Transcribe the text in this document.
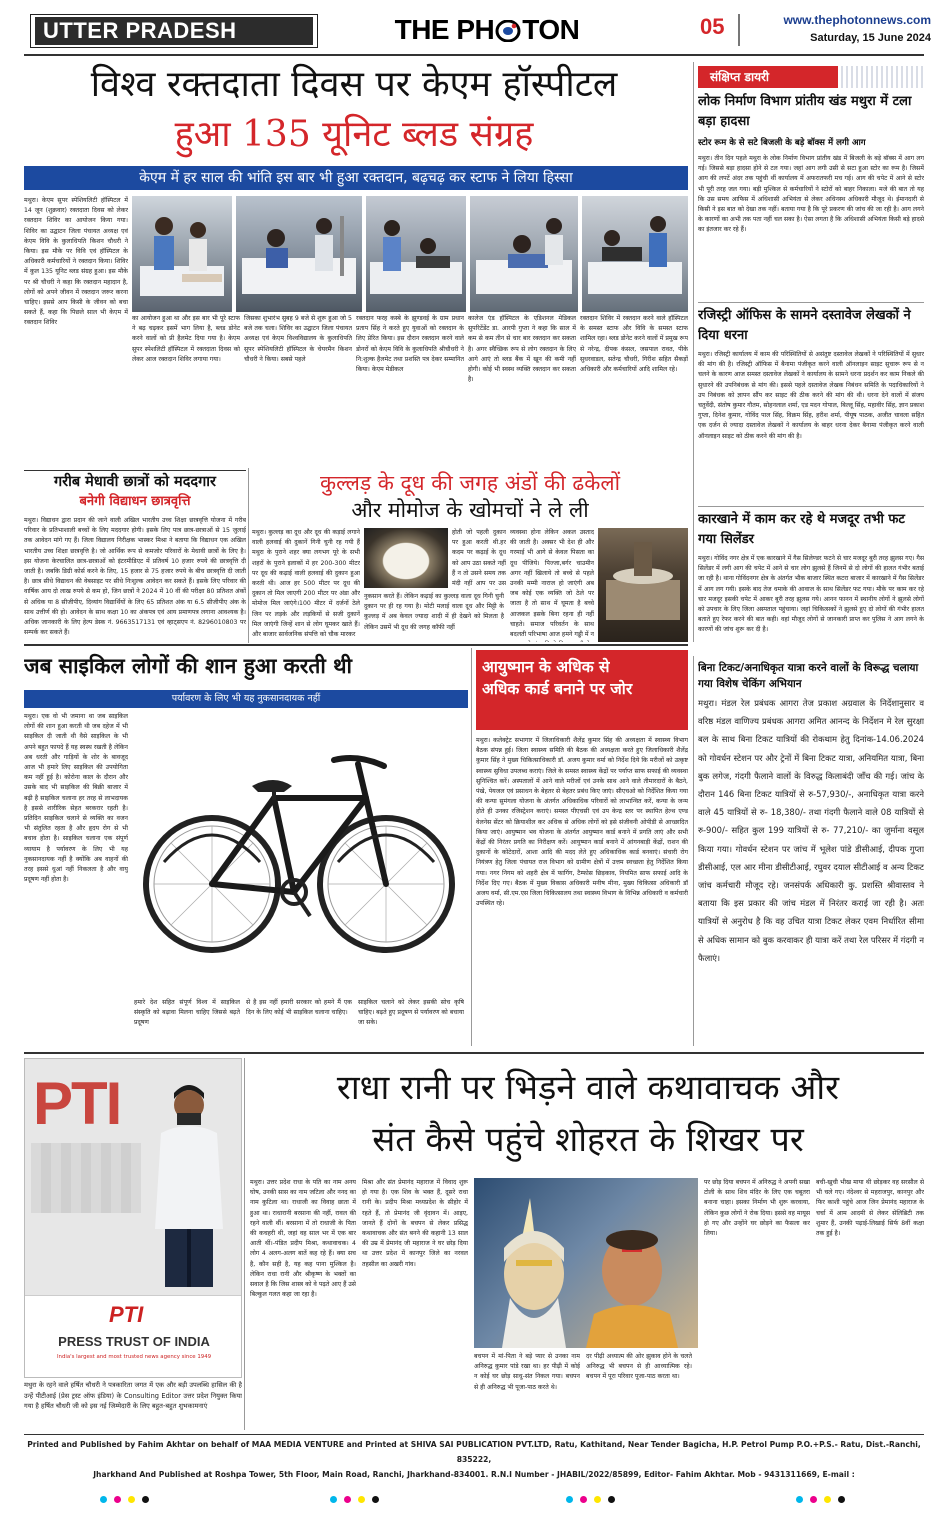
UTTER PRADESH	THE PH TON	05	www.thephotonnews.com
Saturday, 15 June 2024
विश्व रक्तदाता दिवस पर केएम हॉस्पीटल
हुआ 135 यूनिट ब्लड संग्रह
केएम में हर साल की भांति इस बार भी हुआ रक्तदान, बढ़चढ़ कर स्टाफ ने लिया हिस्सा
मथुरा। केएम सुपर स्पेशियलिटी हॉस्पिटल में 14 जून (शुक्रवार) रक्तदाता दिवस को लेकर रक्तदान शिविर का आयोजन किया गया। शिविर का उद्घाटन जिला पंचायत अध्यक्ष एवं केएम विवि के कुलाधिपति किशन चौधरी ने किया। इस मौके पर विवि एवं हॉस्पिटल के अधिकारी कर्मचारियों ने रक्तदान किया। शिविर में कुल 135 यूनिट ब्लड संग्रह हुआ। इस मौके पर श्री चौधरी ने कहा कि रक्तदान महादान है, लोगों को अपने जीवन में रक्तदान जरूर करना चाहिए। इससे आप किसी के जीवन को बचा सकते हैं, कहा कि पिछले साल भी केएम में रक्तदान शिविर
का आयोजन हुआ था और इस बार भी पूरे स्टाफ ने बढ़ चढ़कर इसमें भाग लिया है, ब्लड डोनेट करने वालों को प्री हैलमेट दिया गया है। केएम सुपर स्पेशलिटी हॉस्पिटल में रक्तदाता दिवस को लेकर आज रक्तदान शिविर लगाया गया।
जिसका शुभारंभ सुबह 9 बजे से शुरू हुआ जो 5 बजे तक चला। शिविर का उद्घाटन जिला पंचायत अध्यक्ष एवं केएम विश्वविद्यालय के कुलाधिपति सुपर स्पेशियलिटी हॉस्पिटल के चेयरमैन किशन चौधरी ने किया। सबसे पहले
रक्तदान फरह कस्बे के झुण्डवई के ग्राम प्रधान प्रताप सिंह ने करते हुए युवाओं को रक्तदान के लिए प्रेरित किया। इस दौरान रक्तदान करने वाले डोनरों को केएम विवि के कुलाधिपति श्रीचौधरी ने नि:शुल्क हैलमेट तथा प्रशस्ति पत्र देकर सम्मानित किया। केएम मेडीकल
कालेज एंड हॉस्पिटल के एडिशनल मेडिकल सुपरिटेंडेंट डा. आरपी गुप्ता ने कहा कि साल में कम से कम तीन से चार बार रक्तदान कर सकता है। अगर स्वैच्छिक रूप से लोग रक्तदान के लिए आगे आएं तो ब्लड बैंक में खून की कमी नहीं होगी। कोई भी स्वस्थ व्यक्ति रक्तदान कर सकता है।
रक्तदान शिविर में रक्तदान करने वाले हॉस्पिटल के समस्त स्टाफ और विवि के समस्त स्टाफ शामिल रहा। ब्लड डोनेट करने वालों में प्रमुख रूप से नरेन्द्र, दीपक कंसल, जसपाल रावत, पीके सुधरवाडल, सतेन्द्र चौधरी, गिरीश सहित सैकड़ों अधिकारी और कर्मचारियों आदि शामिल रहे।
संक्षिप्त डायरी
लोक निर्माण विभाग प्रांतीय खंड मथुरा में टला बड़ा हादसा
स्टोर रूम के से सटे बिजली के बड़े बॉक्स में लगी आग
मथुरा। तीन दिन पहले मथुरा के लोक निर्माण विभाग प्रांतीय खंड में बिजली के बड़े बॉक्स में आग लग गई। जिससे बड़ा हादसा होने से टल गया। जहां आग लगी उसी से सटा हुआ स्टोर का रूम है। जिसमें आग की लपटें अंदर तक पहुंची थीं कार्यालय में अफरातफरी मच गई। आग की चपेट में आने से स्टोर भी पूरी तरह जल गया। बड़ी मुश्किल से कर्मचारियों ने स्टोरों को बाहर निकाला। मजे की बात तो यह कि उस समय आफिस में अधिशासी अभियंता से लेकर अधिनस्थ अधिकारी मौजूद थे। ईमानदारी से किसी ने इस बात को देखा तक नहीं। बताया गया है कि पूरे प्रकरण की जांच की जा रही है। आग लगने के कारणों का अभी तक पता नहीं चल सका है। ऐसा लगता है कि अधिशासी अभियंता किसी बड़े हादसे का इंतजार कर रहे हैं।
रजिस्ट्री ऑफिस के सामने दस्तावेज लेखकों ने दिया धरना
मथुरा। रजिस्ट्री कार्यालय में काम की परिस्थितियों से असंतुष्ट दस्तावेज लेखकों ने परिस्थितियों में सुधार की मांग की है। रजिस्ट्री ऑफिस में बैनामा पंजीकृत करने वाली ऑनलाइन साइट सुचारू रूप से न चलने के कारण आज समस्त दस्तावेज लेखकों ने कार्यालय के सामने धरना प्रदर्शन कर काम निकले की सुधारने की उपनिबंधक से मांग की। इससे पहले दस्तावेज लेखक निबंधन समिति के पदाधिकारियों ने उप निबंधक को ज्ञापन सौंप कर साइट की ठीक करने की मांग की थी। धरना देने वालों में संजय चतुर्वेदी, संतोष कुमार गौतम, सोहनलाल शर्मा, एड मदन गोपाल, बिल्लू सिंह, महावीर सिंह, ज्ञान प्रकाश गुप्ता, दिनेश कुमार, गोविंद पाल सिंह, विक्रम सिंह, हरीश शर्मा, पीयूष पाठक, अजीत चावला सहित एक दर्जन से ज्यादा दस्तावेज लेखकों ने कार्यालय के बाहर धरना देकर बैनामा पंजीकृत करने वाली ऑनलाइन साइट को ठीक करने की मांग की है।
कारखाने में काम कर रहे थे मजदूर तभी फट गया सिलेंडर
मथुरा। गोविंद नगर क्षेत्र में एक कारखाने में गैस सिलेण्डर फटने से चार मजदूर बुरी तरह झुलस गए। गैस सिलेंडर में लगी आग की चपेट में आने से चार लोग झुलसे हैं जिनमें से दो लोगों की हालत गंभीर बताई जा रही है। थाना गोविंदनगर क्षेत्र के अंतर्गत भौक बाजार स्थित कटरा बाजार में कारखाने में गैस सिलेंडर में आग लग गयी। इसके बाद तेज धमाके की आवाज के साथ सिलेंडर फट गया। मौके पर काम कर रहे चार मजदूर इसकी चपेट में आकर बुरी तरह झुलस गये। आनन फानन में स्थानीय लोगों ने झुलसे लोगों को उपचार के लिए जिला अस्पताल पहुंचाया। जहां चिकित्सकों ने झुलसे हुए दो लोगों की गंभीर हालत बताते हुए रेफर करने की बात कही। वहां मौजूद लोगों से जानकारी प्राप्त कर पुलिस ने आग लगने के कारणों की जांच शुरू कर दी है।
गरीब मेधावी छात्रों को मददगार
बनेगी विद्याधन छात्रवृत्ति
मथुरा। विद्याधन द्वारा प्रदान की जाने वाली अखिल भारतीय उच्च शिक्षा छात्रवृत्ति योजना में गरीब परिवार के प्रतिभाशाली बच्चों के लिए मददगार होगी। इसके लिए पात्र छात्र-छात्राओं से 15 जुलाई तक आवेदन मांगे गए हैं। जिला विद्यालय निरीक्षक भास्कर मिश्रा ने बताया कि विद्याधन एक अखिल भारतीय उच्च शिक्षा छात्रवृत्ति है। जो आर्थिक रूप से कमजोर परिवारों के मेधावी छात्रों के लिए है। इस योजना केरचालित छात्र-छात्राओं को इंटरमीडिएट में प्रतिवर्ष 10 हजार रुपये की छात्रवृत्ति दी जाती है। जबकि डिग्री कोर्स करने के लिए, 15 हजार से 75 हजार रुपये के बीच छात्रवृत्ति दी जाती है। छात्र सीधे विद्याधन की वेबसाइट पर सीधे निःशुल्क आवेदन कर सकते हैं। इसके लिए परिवार की वार्षिक आय दो लाख रुपये से कम हो, जिन छात्रों ने 2024 में 10 वीं की परीक्षा 80 प्रतिशत अंकों से अधिक या 8 सीजीपीए, दिव्यांग विद्यार्थियों के लिए 65 प्रतिशत अंक या 6.5 सीजीपीए अंक के साथ उत्तीर्ण की हो। आवेदन के साथ कक्षा 10 का अंकपत्र एवं आय प्रमाणपत्र लगाना आवश्यक है। अधिक जानकारी के लिए हेल्प डेस्क नं. 9663517131 एवं व्हाट्सएप नं. 8296010803 पर सम्पर्क कर सकते हैं।
कुल्लड़ के दूध की जगह अंडों की ढकेलों
और मोमोज के खोमचों ने ले ली
मथुरा। कुल्लड़ का दूध और दूध की कड़ाई लगाने वाली हलवाई की दुकानें गिनी चुनी रह गयी हैं मथुरा के पुराने शहर क्या लगभग पूरे के सभी शहरों के पुराने इलाकों में हर 200-300 मीटर पर दूध की कढ़ाई वाली हलवाई की दुकान हुआ करती थी। आज हर 500 मीटर पर दूध की दुकान तो मिल जाएगी 200 मीटर पर अंडा और मोमोज मिल जाएंगे।100 मीटर में दर्जनों ठेले जिन पर लड़के और लड़कियों से सजी दुकानें मिल जाएंगी जिन्हें शान से लोग घूमकर खाते हैं।और बाजार सार्वजनिक संपत्ति को चौक मारकर
होती जो पहली दुकान पर हुआ करती थी.हर कदम पर कढ़ाई के दूध को आप उठा सकते नहीं हैं न तो उसने समय तक मंदी नहीं आप पर उस
नुकसान करते हैं। लेकिन कढ़ाई का कुल्लड़ वाला दूध गिनी चुनी दुकान पर ही रह गया है। मोटी मलाई वाला दूध और मिट्टी के कुल्लड़ में अब केवल ज्यादा शादी में ही देखने को मिलता है लेकिन उसमें भी दूध की जगह कॉफी नहीं
व्यवस्था होना लेकिन अकल उस्ताद की जाती है। अक्सर भी देश ही और गरमाई भी आगे से केवल पिसता का दूध पीजिये। पिज्जा,बर्गर चाउमीन अगर नहीं खिलाये तो बच्चे से पहले उनकी मम्मी नाराज हो जाएंगी अब जब कोई एक व्यक्ति जो ठेले पर जाता है तो साथ में घूमता है बच्चे आजकल इसके बिना रहना ही नहीं चाहते। समाज परिवर्तन के साथ बदलती परिभाषा आज हमने गड्डी में न
जब साइकिल लोगों की शान हुआ करती थी
पर्यावरण के लिए भी यह नुकसानदायक नहीं
मथुरा। एक वो भी जमाना था जब साइकिल लोगों की शान हुआ करती थी जब दहेज में भी साइकिल दी जाती थी वैसे साइकिल के भी अपने बहुत फायदे हैं यह स्वस्थ रखती है लेकिन अब धरती और गाड़ियों के शोर के बावजूद आज भी हमारे लिए साइकिल की उपयोगिता कम नहीं हुई है। कोरोना काल के दौरान और उसके बाद भी साइकिल की बिक्री बाजार में बढ़ी है साइकिल चलाना हर तरह से लाभदायक है इससे शारीरिक सेहत बरकरार रहती है। प्रतिदिन साइकिल चलाने से व्यक्ति का वजन भी संतुलित रहता है और हृदय रोग से भी बचाव होता है। साइकिल चलाना एक संपूर्ण व्यायाम है पर्यावरण के लिए भी यह नुकसानदायक नहीं है क्योंकि अब वाहनों की तरह इससे धुआं नहीं निकलता है और वायु प्रदूषण नहीं होता है।
हमारे देश सहित संपूर्ण विश्व में साइकिल संस्कृति को बढ़ावा मिलना चाहिए जिससे बढ़ते प्रदूषण
से है इस नहीं हमारी सरकार को हमने मैं एक दिन के लिए कोई भी साइकिल चलाना चाहिए।
साइकिल चलाने को लेकर इसकी सोच कृषि चाहिए। बढ़ते हुए प्रदूषण से पर्यावरण को बचाया जा सके।
आयुष्मान के अधिक से
अधिक कार्ड बनाने पर जोर
मथुरा। कलेक्ट्रेट सभागार में जिलाधिकारी शैलेंद्र कुमार सिंह की अध्यक्षता में स्वास्थ्य विभाग बैठक संपन्न हुई। जिला स्वास्थ्य समिति की बैठक की अध्यक्षता करते हुए जिलाधिकारी शैलेंद्र कुमार सिंह ने मुख्य चिकित्साधिकारी डॉ. अजय कुमार वर्मा को निर्देश दिये कि मरीजों को उत्कृष्ट स्वास्थ्य सुविधा उपलब्ध कराएं। जिले के समस्त स्वास्थ्य केंद्रों पर पर्याप्त साफ सफाई की व्यवस्था सुनिश्चित करें। अस्पतालों में आने वाले मरीजों एवं उनके साथ आने वाले तीमारदारों के बैठने, पंखे, पेयजल एवं प्रसाधन के बेहतर से बेहतर प्रबंध किए जाएं। सीएचओ को निर्देशित किया गया की कन्या सुमंगला योजना के अंतर्गत अधिकाधिक परिवारों को लाभान्वित करें, कन्या के जन्म होते ही उनका रजिस्ट्रेशन कराएं। समस्त पीएचसी एवं उप केन्द्र स्तर पर स्थापित हेल्थ एण्ड वेलनेस सेंटर को क्रियाशील कर अधिक से अधिक लोगों को इसे संजीवनी ओपीडी से आच्छादित किया जाएं। आयुष्मान भव योजना के अंतर्गत आयुष्मान कार्ड बनाने में प्रगति लाएं और सभी केंद्रों की निरंतर प्रगति का निरीक्षण करें। आयुष्मान कार्ड बनाने में आंगनबाड़ी केंद्रों, राशन की दुकानों के कोटेदारों, आशा आदि की मदद लेते हुए अधिकाधिक कार्ड बनवाएं। संचारी रोग नियंत्रण हेतु जिला पंचायत राज विभाग को ग्रामीण क्षेत्रों में उत्तम स्वच्छता हेतु निर्देशित किया गया। नगर निगम को शहरी क्षेत्र में फागिंग, टैम्फोस छिड़काव, नियमित साफ सफाई आदि के निर्देश दिए गए। बैठक में मुख्य विकास अधिकारी मनीष मीना, मुख्य चिकित्सा अधिकारी डॉ अजय वर्मा, सी.एम.एस जिला चिकित्सालय तथा स्वास्थ्य विभाग के विभिन्न अधिकारी व कर्मचारी उपस्थित रहे।
बिना टिकट/अनाधिकृत यात्रा करने वालों के विरूद्ध चलाया गया विशेष चेकिंग अभियान
मथुरा। मंडल रेल प्रबंधक आगरा तेज प्रकाश अग्रवाल के निर्देशानुसार व वरिष्ठ मंडल वाणिज्य प्रबंधक आगरा अमित आनन्द के निर्देशन मे रेल सुरक्षा बल के साथ बिना टिकट यात्रियों की रोकथाम हेतु दिनांक-14.06.2024 को गोवर्धन स्टेशन पर और ट्रेनों में बिना टिकट यात्रा, अनियमित यात्रा, बिना बुक लगेज, गंदगी फैलाने वालों के विरुद्ध किलाबंदी जाँच की गई। जांच के दौरान 146 बिना टिकट यात्रियों से रु-57,930/-, अनाधिकृत यात्रा करने वाले 45 यात्रियों से रु- 18,380/- तथा गंदगी फैलाने वाले 08 यात्रियों से रु-900/- सहित कुल 199 यात्रियों से रु- 77,210/- का जुर्माना वसूल किया गया। गोवर्धन स्टेशन पर जांच में भूलेश पांडे डीसीआई, दीपक गुप्ता डीसीआई, एल आर मीना डीसीटीआई, रघुवर दयाल सीटीआई व अन्य टिकट जांच कर्मचारी मौजूद रहे। जनसंपर्क अधिकारी कु. प्रशस्ति श्रीवास्तव ने बताया कि इस प्रकार की जांच मंडल में निरंतर कराई जा रही है। अतः यात्रियों से अनुरोध है कि वह उचित यात्रा टिकट लेकर एवम निर्धारित सीमा से अधिक सामान को बुक करवाकर ही यात्रा करें तथा रेल परिसर में गंदगी न फैलाएं।
PTI
PTI
PRESS TRUST OF INDIA
India's largest and most trusted news agency since 1949
मथुरा के रहने वाले हर्षित चौधरी ने पत्रकारिता जगत में एक और बड़ी उपलब्धि हासिल की है उन्हें पीटीआई (प्रेस ट्रस्ट ऑफ इंडिया) के Consulting Editor उत्तर प्रदेश नियुक्त किया गया है हर्षित चौधरी जी को इस नई जिम्मेदारी के लिए बहुत-बहुत शुभकामनाएं
राधा रानी पर भिड़ने वाले कथावाचक और
संत कैसे पहुंचे शोहरत के शिखर पर
मथुरा। उत्तर प्रदेश राधा के पति का नाम अनय घोष, उनकी सास का नाम जटिला और ननद का नाम कुटिला था। राधाजी का विवाह छाता में हुआ था। राधारानी बरसाना की नहीं, रावल की रहने वाली थीं। बरसाना में तो राधाजी के पिता की कचहरी थी, जहां वह साल भर में एक बार आती थीं।-पंडित प्रदीप मिश्रा, कथावाचक। 4 लोग 4 अलग-अलग बातें कह रहे हैं। क्या सच है, कौन सही है, यह कह पाना मुश्किल है। लेकिन राधा रानी और श्रीकृष्ण के भक्तों का सवाल है कि जिस शास्त्र को वे पढ़ते आए हैं उसे बिल्कुल गलत कहा जा रहा है।
मिश्रा और संत प्रेमानंद महाराज में विवाद शुरू हो गया है। एक शिव के भक्त हैं, दूसरे राधा रानी के। प्रदीप मिश्रा मध्यप्रदेश के सीहोर में रहते हैं, तो प्रेमानंद जी वृंदावन में। आइए, जानते हैं दोनों के बचपन से लेकर प्रसिद्ध कथावाचक और संत बनने की कहानी 13 साल की उम्र में प्रेमानंद जी महाराज ने घर छोड़ दिया था उत्तर प्रदेश में कानपुर जिले का नरवल तहसील का अखरी गांव।
बचपन में मां-पिता ने बड़े प्यार से उनका नाम अनिरुद्ध कुमार पांडे रखा था। हर पीढ़ी में कोई न कोई घर छोड़ साधु-संत निकल गया। बचपन से ही अनिरुद्ध भी पूजा-पाठ करते थे।
दर पीढ़ी अध्यात्म की ओर झुकाव होने के चलते अनिरुद्ध भी बचपन से ही आध्यात्मिक रहे। बचपन में पूरा परिवार पूजा-पाठ करता था।
पर छोड़ दिया बचपन में अनिरुद्ध ने अपनी सखा टोली के साथ शिव मंदिर के लिए एक चबूतरा बनाना चाहा। इसका निर्माण भी शुरू करवाया, लेकिन कुछ लोगों ने रोक दिया। इससे वह मायूस हो गए और उन्होंने घर छोड़ने का फैसला कर लिया।
बची-खुची भीख माया थी छोड़कर वह सरसौल से भी चले गए। नंदेश्वर से महराजपुर, कानपुर और फिर काशी पहुंचे आज जिन प्रेमानंद महाराज के चर्चा में आम आदमी से लेकर सेलिब्रिटी तक शुमार हैं, उनकी पढ़ाई-लिखाई सिर्फ 8वीं कक्षा तक हुई है।
Printed and Published by Fahim Akhtar on behalf of MAA MEDIA VENTURE and Printed at SHIVA SAI PUBLICATION PVT.LTD, Ratu, Kathitand, Near Tender Bagicha, H.P. Petrol Pump P.O.+P.S.- Ratu, Dist.-Ranchi, 835222,
Jharkhand And Published at Roshpa Tower, 5th Floor, Main Road, Ranchi, Jharkhand-834001. R.N.I Number - JHABIL/2022/85899, Editor- Fahim Akhtar. Mob - 9431311669, E-mail :
